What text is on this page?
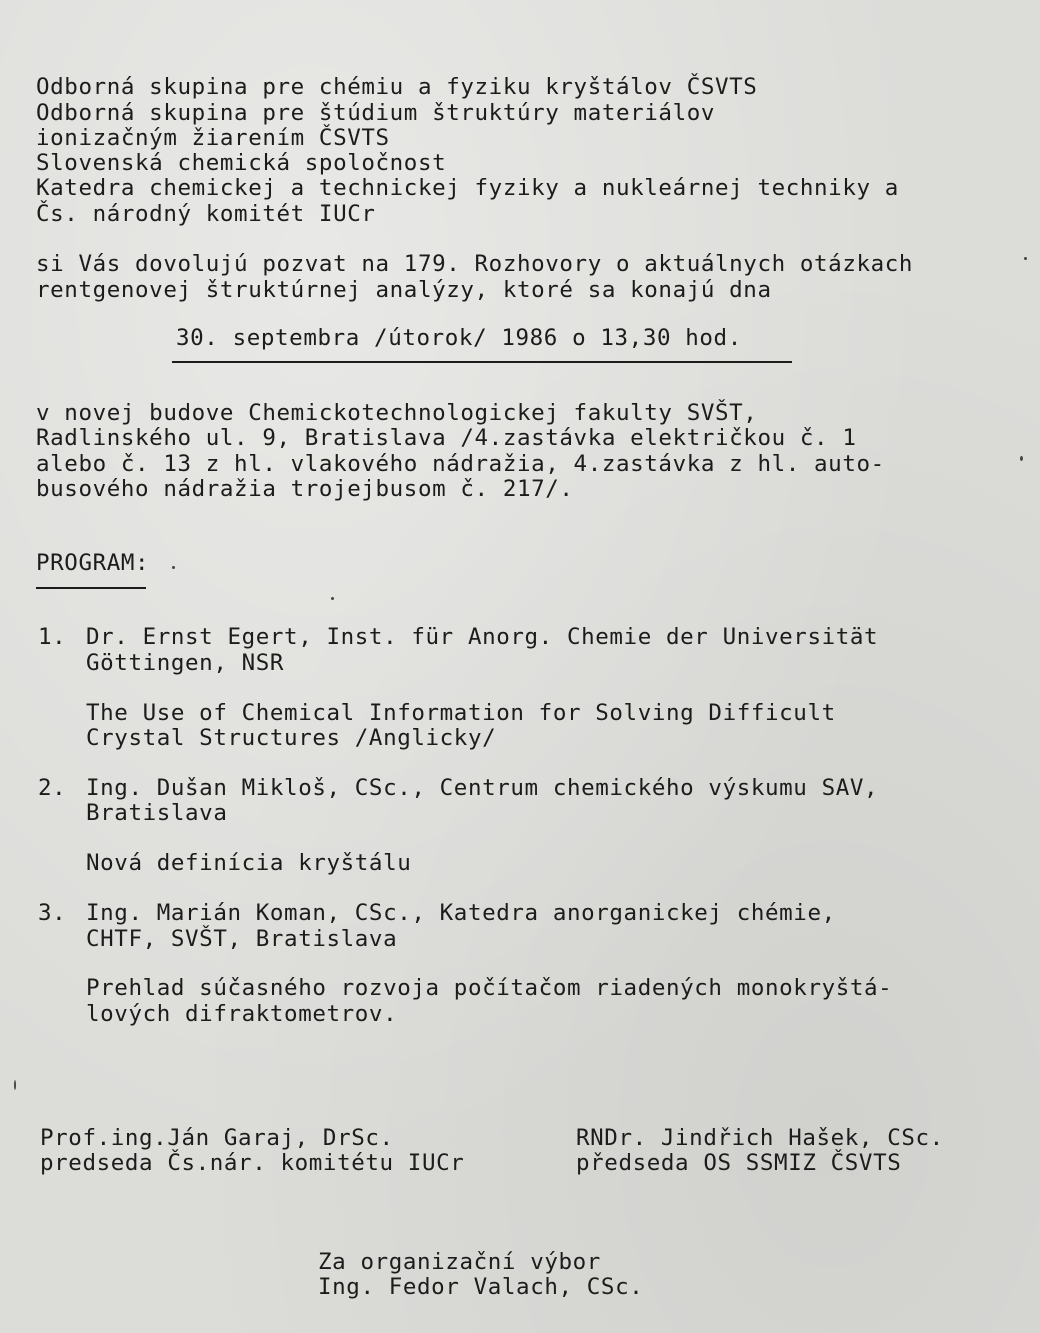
Odborná skupina pre chémiu a fyziku kryštálov ČSVTS
Odborná skupina pre štúdium štruktúry materiálov
ionizačným žiarením ČSVTS
Slovenská chemická spoločnost
Katedra chemickej a technickej fyziky a nukleárnej techniky a
Čs. národný komitét IUCr
si Vás dovolujú pozvat na 179. Rozhovory o aktuálnych otázkach
rentgenovej štruktúrnej analýzy, ktoré sa konajú dna
30. septembra /útorok/ 1986 o 13,30 hod.
v novej budove Chemickotechnologickej fakulty SVŠT,
Radlinského ul. 9, Bratislava /4.zastávka električkou č. 1
alebo č. 13 z hl. vlakového nádražia, 4.zastávka z hl. auto-
busového nádražia trojejbusom č. 217/.
PROGRAM:
1. Dr. Ernst Egert, Inst. für Anorg. Chemie der Universität
Göttingen, NSR
The Use of Chemical Information for Solving Difficult
Crystal Structures /Anglicky/
2. Ing. Dušan Mikloš, CSc., Centrum chemického výskumu SAV,
Bratislava
Nová definícia kryštálu
3. Ing. Marián Koman, CSc., Katedra anorganickej chémie,
CHTF, SVŠT, Bratislava
Prehlad súčasného rozvoja počítačom riadených monokryštá-
lových difraktometrov.
Prof.ing.Ján Garaj, DrSc.
predseda Čs.nár. komitétu IUCr
RNDr. Jindřich Hašek, CSc.
předseda OS SSMIZ ČSVTS
Za organizační výbor
Ing. Fedor Valach, CSc.
